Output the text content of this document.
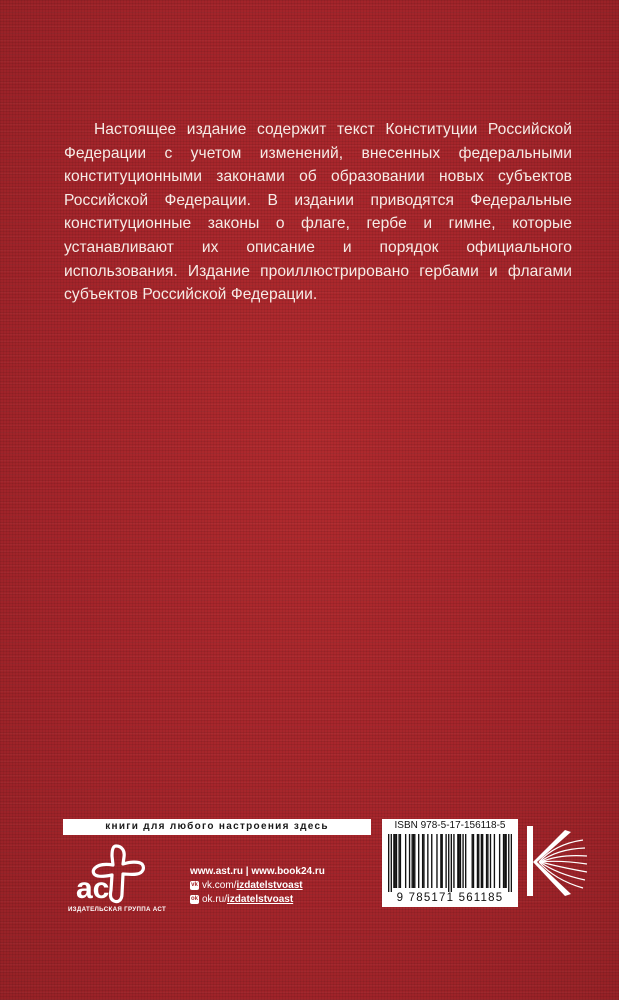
Настоящее издание содержит текст Конституции Российской Федерации с учетом изменений, внесенных федеральными конституционными законами об образовании новых субъектов Российской Федерации. В издании приводятся Федеральные конституционные законы о флаге, гербе и гимне, которые устанавливают их описание и порядок официального использования. Издание проиллюстрировано гербами и флагами субъектов Российской Федерации.

книги для любого настроения здесь
ac
ИЗДАТЕЛЬСКАЯ ГРУППА АСТ
www.ast.ru | www.book24.ru
vk vk.com/izdatelstvoast
ok ok.ru/izdatelstvoast
ISBN 978-5-17-156118-5
9 785171 561185
